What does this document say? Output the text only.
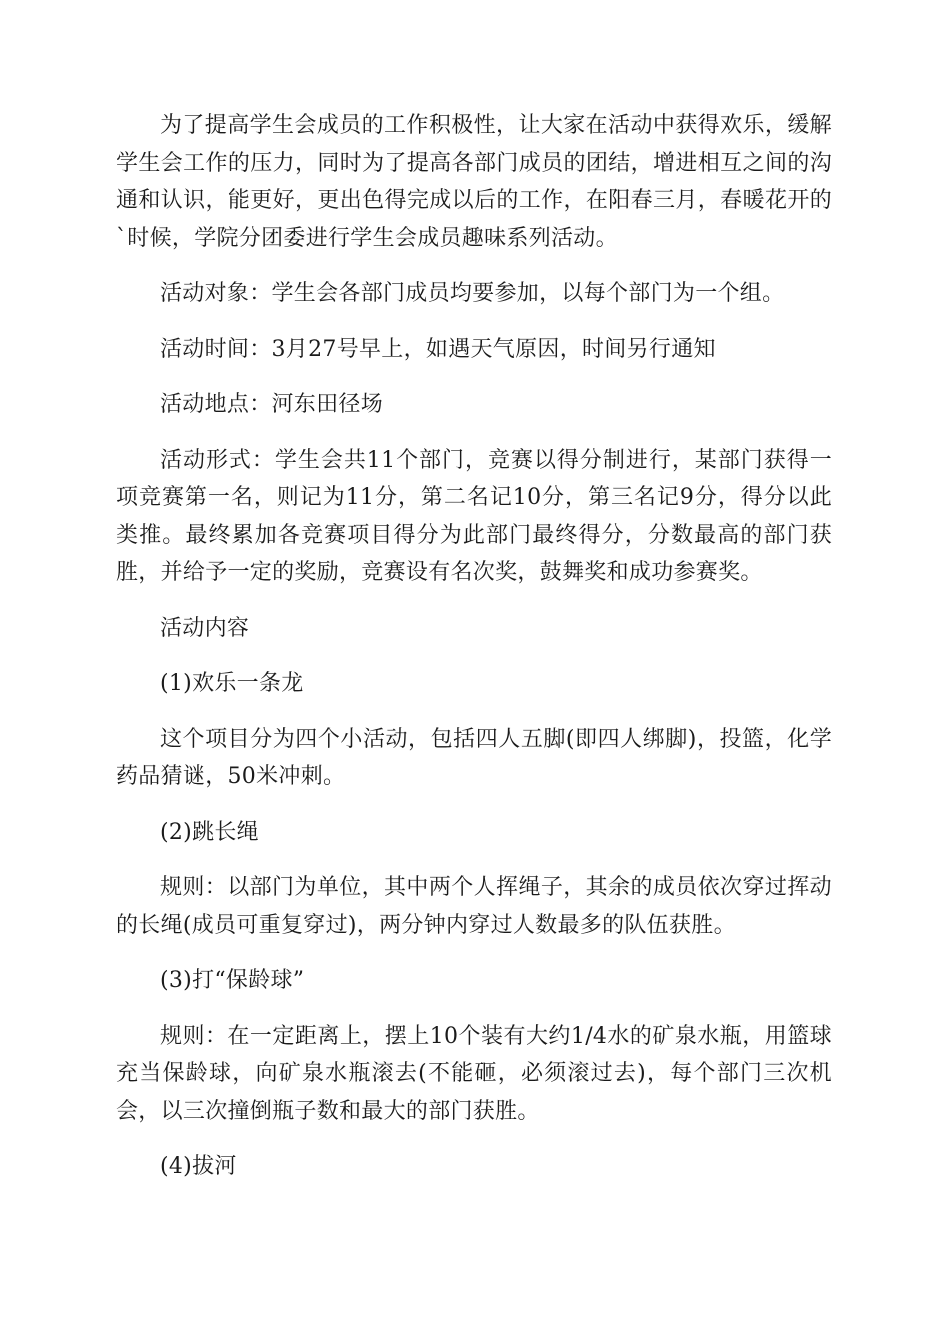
为了提高学生会成员的工作积极性，让大家在活动中获得欢乐，缓解学生会工作的压力，同时为了提高各部门成员的团结，增进相互之间的沟通和认识，能更好，更出色得完成以后的工作，在阳春三月，春暖花开的`时候，学院分团委进行学生会成员趣味系列活动。

活动对象：学生会各部门成员均要参加，以每个部门为一个组。

活动时间：3月27号早上，如遇天气原因，时间另行通知

活动地点：河东田径场

活动形式：学生会共11个部门，竞赛以得分制进行，某部门获得一项竞赛第一名，则记为11分，第二名记10分，第三名记9分，得分以此类推。最终累加各竞赛项目得分为此部门最终得分，分数最高的部门获胜，并给予一定的奖励，竞赛设有名次奖，鼓舞奖和成功参赛奖。

活动内容

(1)欢乐一条龙

这个项目分为四个小活动，包括四人五脚(即四人绑脚)，投篮，化学药品猜谜，50米冲刺。

(2)跳长绳

规则：以部门为单位，其中两个人挥绳子，其余的成员依次穿过挥动的长绳(成员可重复穿过)，两分钟内穿过人数最多的队伍获胜。

(3)打“保龄球”

规则：在一定距离上，摆上10个装有大约1/4水的矿泉水瓶，用篮球充当保龄球，向矿泉水瓶滚去(不能砸，必须滚过去)，每个部门三次机会，以三次撞倒瓶子数和最大的部门获胜。

(4)拔河
